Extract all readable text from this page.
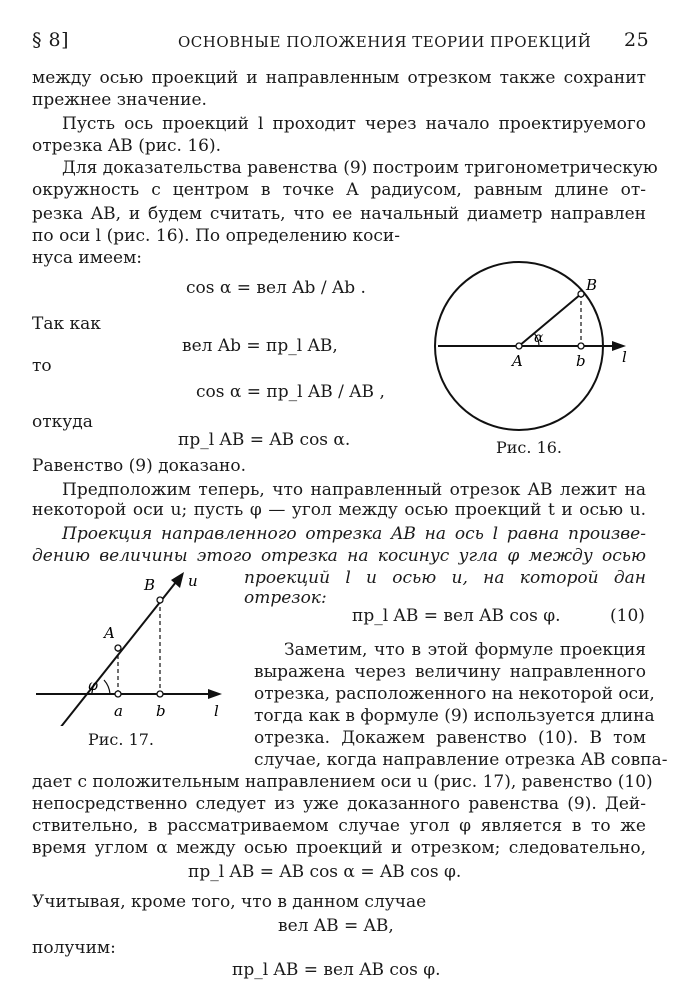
§ 8]	ОСНОВНЫЕ ПОЛОЖЕНИЯ ТЕОРИИ ПРОЕКЦИЙ 25
между осью проекций и направленным отрезком также сохранит
прежнее значение.
Пусть ось проекций l проходит через начало проектируемого
отрезка AB (рис. 16).
Для доказательства равенства (9) построим тригонометрическую
окружность с центром в точке A радиусом, равным длине от-
резка AB, и будем считать, что ее начальный диаметр направлен
по оси l (рис. 16). По определению коси-
нуса имеем:
cos α = вел Ab / Ab .
Так как
вел Ab = пр_l AB,
то
cos α = пр_l AB / AB ,
откуда
пр_l AB = AB cos α.
Равенство (9) доказано.
B
A	b l
α
Рис. 16.
Предположим теперь, что направленный отрезок AB лежит на
некоторой оси u; пусть φ — угол между осью проекций t и осью u.
Проекция направленного отрезка AB на ось l равна произве-
дению величины этого отрезка на косинус угла φ между осью
проекций l и осью u, на которой дан
отрезок:
пр_l AB = вел AB cos φ.	(10)
B u
A
φ
a b	l
Рис. 17.
Заметим, что в этой формуле проекция
выражена через величину направленного
отрезка, расположенного на некоторой оси,
тогда как в формуле (9) используется длина
отрезка. Докажем равенство (10). В том
случае, когда направление отрезка AB совпа-
дает с положительным направлением оси u (рис. 17), равенство (10)
непосредственно следует из уже доказанного равенства (9). Дей-
ствительно, в рассматриваемом случае угол φ является в то же
время углом α между осью проекций и отрезком; следовательно,
пр_l AB = AB cos α = AB cos φ.
Учитывая, кроме того, что в данном случае
вел AB = AB,
получим:
пр_l AB = вел AB cos φ.
